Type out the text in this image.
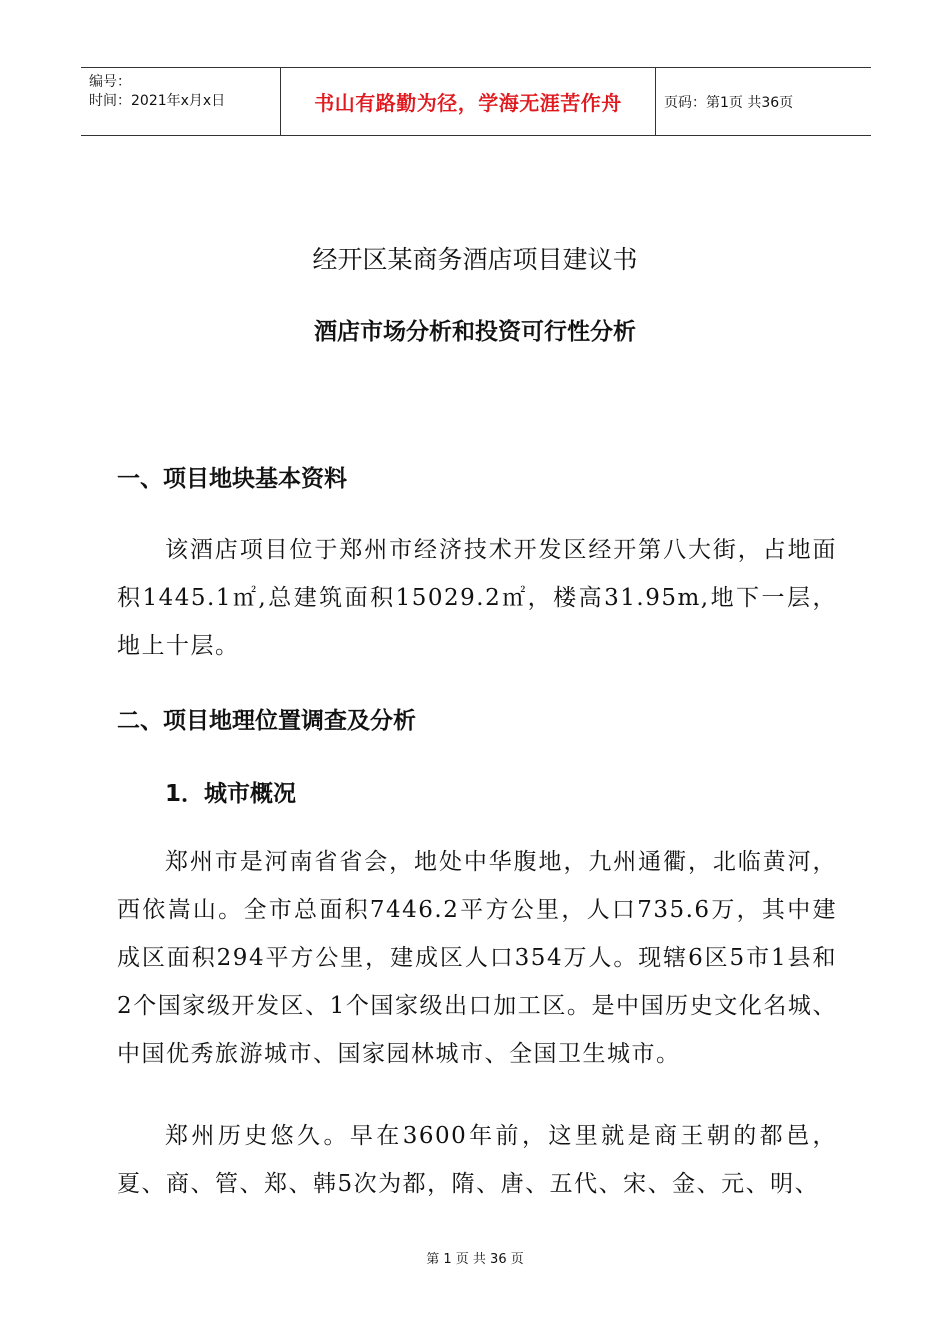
编号：
时间：2021年x月x日	书山有路勤为径，学海无涯苦作舟	页码：第1页 共36页
经开区某商务酒店项目建议书
酒店市场分析和投资可行性分析
一、项目地块基本资料

该酒店项目位于郑州市经济技术开发区经开第八大街，占地面积1445.1㎡,总建筑面积15029.2㎡，楼高31.95m,地下一层，地上十层。

二、项目地理位置调查及分析
1．城市概况

郑州市是河南省省会，地处中华腹地，九州通衢，北临黄河，西依嵩山。全市总面积7446.2平方公里，人口735.6万，其中建成区面积294平方公里，建成区人口354万人。现辖6区5市1县和2个国家级开发区、1个国家级出口加工区。是中国历史文化名城、中国优秀旅游城市、国家园林城市、全国卫生城市。

郑州历史悠久。早在3600年前，这里就是商王朝的都邑，夏、商、管、郑、韩5次为都，隋、唐、五代、宋、金、元、明、

第 1 页 共 36 页
